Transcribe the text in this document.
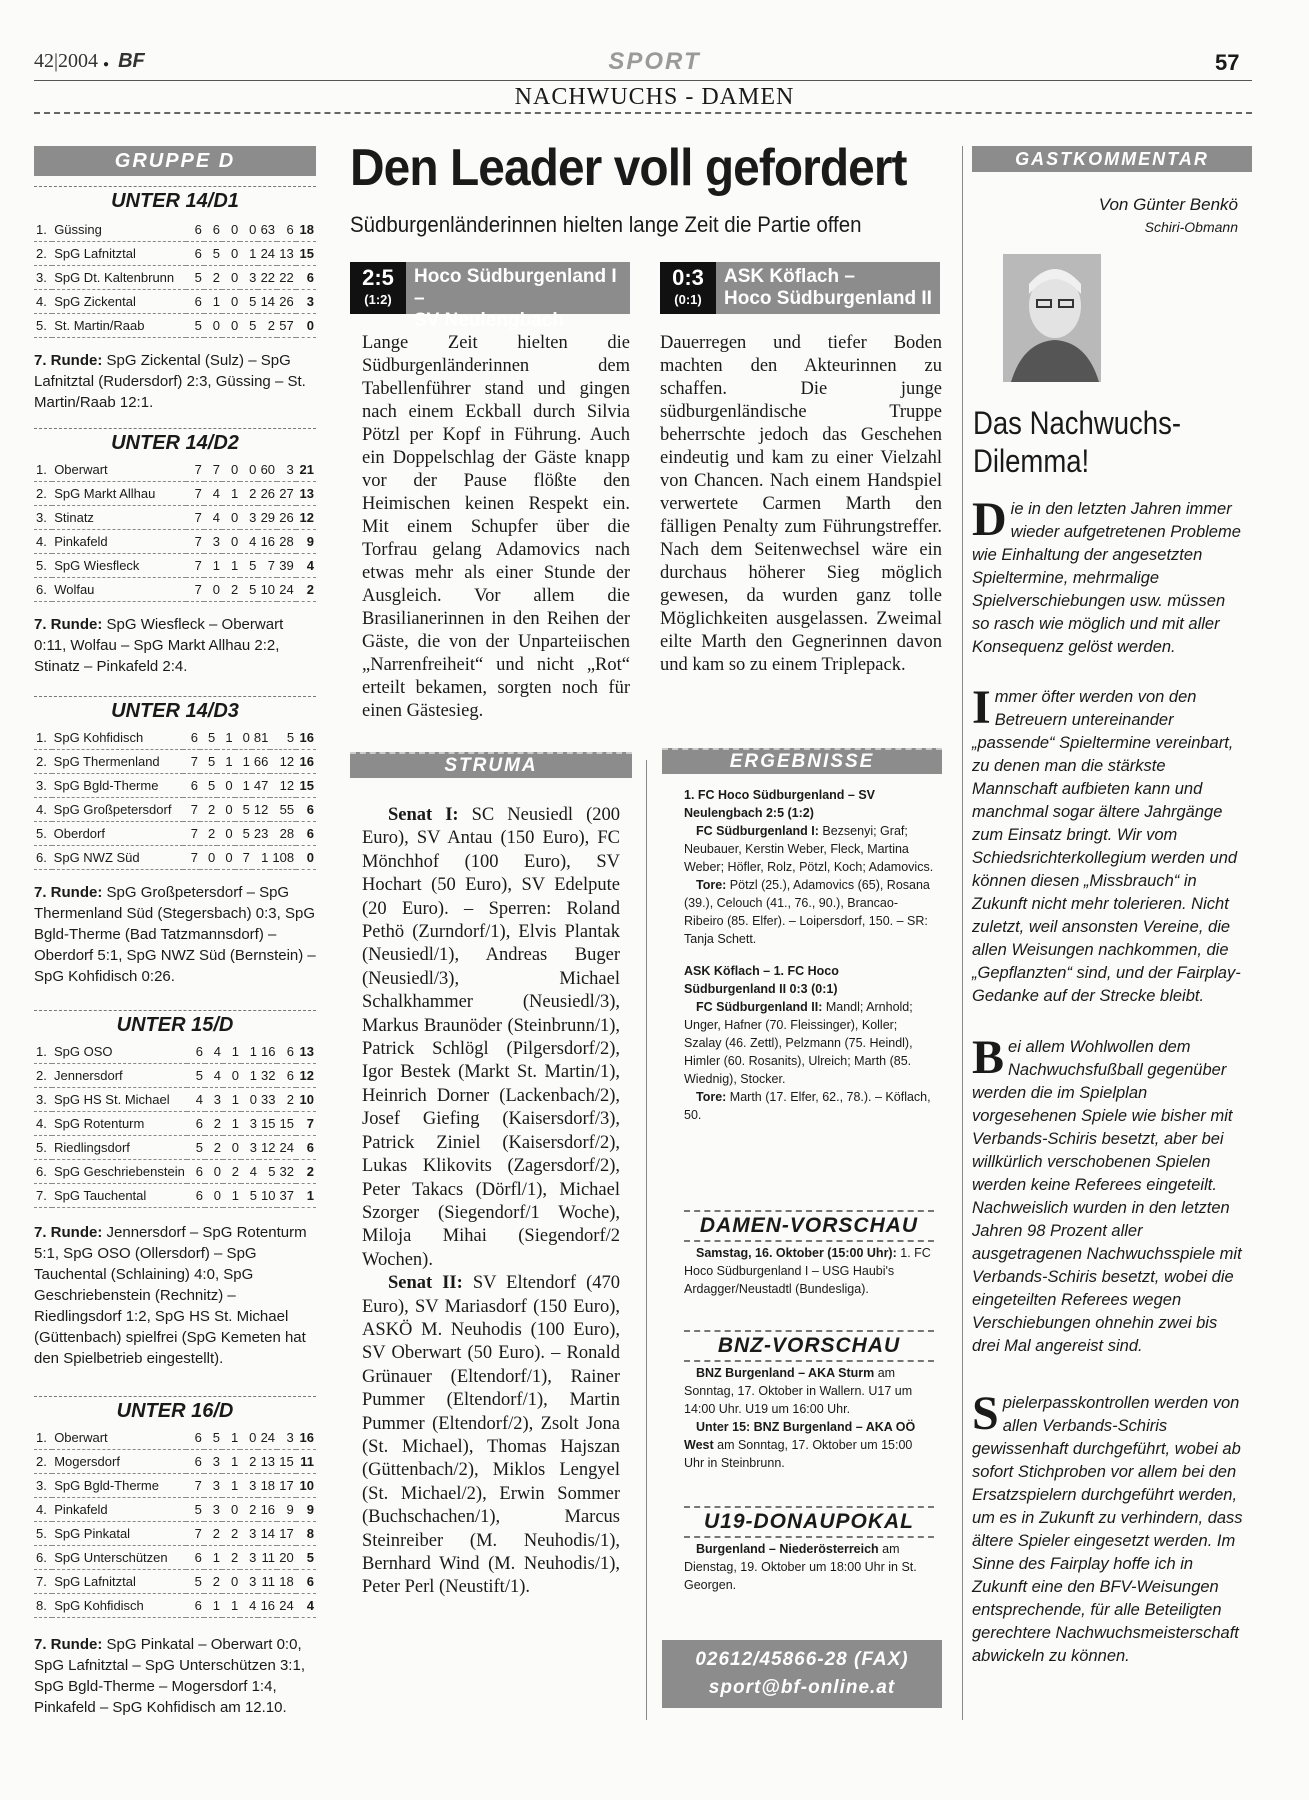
42|2004 ● BF	SPORT	57
NACHWUCHS - DAMEN
GRUPPE D
UNTER 14/D1
1.	Güssing	6	6	0	0	63	6	18
2.	SpG Lafnitztal	6	5	0	1	24	13	15
3.	SpG Dt. Kaltenbrunn	5	2	0	3	22	22	6
4.	SpG Zickental	6	1	0	5	14	26	3
5.	St. Martin/Raab	5	0	0	5	2	57	0
7. Runde: SpG Zickental (Sulz) – SpG Lafnitztal (Rudersdorf) 2:3, Güssing – St. Martin/Raab 12:1.
UNTER 14/D2
1.	Oberwart	7	7	0	0	60	3	21
2.	SpG Markt Allhau	7	4	1	2	26	27	13
3.	Stinatz	7	4	0	3	29	26	12
4.	Pinkafeld	7	3	0	4	16	28	9
5.	SpG Wiesfleck	7	1	1	5	7	39	4
6.	Wolfau	7	0	2	5	10	24	2
7. Runde: SpG Wiesfleck – Oberwart 0:11, Wolfau – SpG Markt Allhau 2:2, Stinatz – Pinkafeld 2:4.
UNTER 14/D3
1.	SpG Kohfidisch	6	5	1	0	81	5	16
2.	SpG Thermenland	7	5	1	1	66	12	16
3.	SpG Bgld-Therme	6	5	0	1	47	12	15
4.	SpG Großpetersdorf	7	2	0	5	12	55	6
5.	Oberdorf	7	2	0	5	23	28	6
6.	SpG NWZ Süd	7	0	0	7	1	108	0
7. Runde: SpG Großpetersdorf – SpG Thermenland Süd (Stegersbach) 0:3, SpG Bgld-Therme (Bad Tatzmannsdorf) – Oberdorf 5:1, SpG NWZ Süd (Bernstein) – SpG Kohfidisch 0:26.
UNTER 15/D
1.	SpG OSO	6	4	1	1	16	6	13
2.	Jennersdorf	5	4	0	1	32	6	12
3.	SpG HS St. Michael	4	3	1	0	33	2	10
4.	SpG Rotenturm	6	2	1	3	15	15	7
5.	Riedlingsdorf	5	2	0	3	12	24	6
6.	SpG Geschriebenstein	6	0	2	4	5	32	2
7.	SpG Tauchental	6	0	1	5	10	37	1
7. Runde: Jennersdorf – SpG Rotenturm 5:1, SpG OSO (Ollersdorf) – SpG Tauchental (Schlaining) 4:0, SpG Geschriebenstein (Rechnitz) – Riedlingsdorf 1:2, SpG HS St. Michael (Güttenbach) spielfrei (SpG Kemeten hat den Spielbetrieb eingestellt).
UNTER 16/D
1.	Oberwart	6	5	1	0	24	3	16
2.	Mogersdorf	6	3	1	2	13	15	11
3.	SpG Bgld-Therme	7	3	1	3	18	17	10
4.	Pinkafeld	5	3	0	2	16	9	9
5.	SpG Pinkatal	7	2	2	3	14	17	8
6.	SpG Unterschützen	6	1	2	3	11	20	5
7.	SpG Lafnitztal	5	2	0	3	11	18	6
8.	SpG Kohfidisch	6	1	1	4	16	24	4
7. Runde: SpG Pinkatal – Oberwart 0:0, SpG Lafnitztal – SpG Unterschützen 3:1, SpG Bgld-Therme – Mogersdorf 1:4, Pinkafeld – SpG Kohfidisch am 12.10.
Den Leader voll gefordert
Südburgenländerinnen hielten lange Zeit die Partie offen
2:5
(1:2)
Hoco Südburgenland I –
SV Neulengbach
0:3
(0:1)
ASK Köflach –
Hoco Südburgenland II
Lange Zeit hielten die Südburgenländerinnen dem Tabellenführer stand und gingen nach einem Eckball durch Silvia Pötzl per Kopf in Führung. Auch ein Doppelschlag der Gäste knapp vor der Pause flößte den Heimischen keinen Respekt ein. Mit einem Schupfer über die Torfrau gelang Adamovics nach etwas mehr als einer Stunde der Ausgleich. Vor allem die Brasilianerinnen in den Reihen der Gäste, die von der Unparteiischen „Narrenfreiheit“ und nicht „Rot“ erteilt bekamen, sorgten noch für einen Gästesieg.
Dauerregen und tiefer Boden machten den Akteurinnen zu schaffen. Die junge südburgenländische Truppe beherrschte jedoch das Geschehen eindeutig und kam zu einer Vielzahl von Chancen. Nach einem Handspiel verwertete Carmen Marth den fälligen Penalty zum Führungstreffer. Nach dem Seitenwechsel wäre ein durchaus höherer Sieg möglich gewesen, da wurden ganz tolle Möglichkeiten ausgelassen. Zweimal eilte Marth den Gegnerinnen davon und kam so zu einem Triplepack.
STRUMA
Senat I: SC Neusiedl (200 Euro), SV Antau (150 Euro), FC Mönchhof (100 Euro), SV Hochart (50 Euro), SV Edelpute (20 Euro). – Sperren: Roland Pethö (Zurndorf/1), Elvis Plantak (Neusiedl/1), Andreas Buger (Neusiedl/3), Michael Schalkhammer (Neusiedl/3), Markus Braunöder (Steinbrunn/1), Patrick Schlögl (Pilgersdorf/2), Igor Bestek (Markt St. Martin/1), Heinrich Dorner (Lackenbach/2), Josef Giefing (Kaisersdorf/3), Patrick Ziniel (Kaisersdorf/2), Lukas Klikovits (Zagersdorf/2), Peter Takacs (Dörfl/1), Michael Szorger (Siegendorf/1 Woche), Miloja Mihai (Siegendorf/2 Wochen).
Senat II: SV Eltendorf (470 Euro), SV Mariasdorf (150 Euro), ASKÖ M. Neuhodis (100 Euro), SV Oberwart (50 Euro). – Ronald Grünauer (Eltendorf/1), Rainer Pummer (Eltendorf/1), Martin Pummer (Eltendorf/2), Zsolt Jona (St. Michael), Thomas Hajszan (Güttenbach/2), Miklos Lengyel (St. Michael/2), Erwin Sommer (Buchschachen/1), Marcus Steinreiber (M. Neuhodis/1), Bernhard Wind (M. Neuhodis/1), Peter Perl (Neustift/1).
ERGEBNISSE
1. FC Hoco Südburgenland – SV Neulengbach 2:5 (1:2)
FC Südburgenland I: Bezsenyi; Graf; Neubauer, Kerstin Weber, Fleck, Martina Weber; Höfler, Rolz, Pötzl, Koch; Adamovics.
Tore: Pötzl (25.), Adamovics (65), Rosana (39.), Celouch (41., 76., 90.), Brancao-Ribeiro (85. Elfer). – Loipersdorf, 150. – SR: Tanja Schett.
ASK Köflach – 1. FC Hoco Südburgenland II 0:3 (0:1)
FC Südburgenland II: Mandl; Arnhold; Unger, Hafner (70. Fleissinger), Koller; Szalay (46. Zettl), Pelzmann (75. Heindl), Himler (60. Rosanits), Ulreich; Marth (85. Wiednig), Stocker.
Tore: Marth (17. Elfer, 62., 78.). – Köflach, 50.
DAMEN-VORSCHAU
Samstag, 16. Oktober (15:00 Uhr): 1. FC Hoco Südburgenland I – USG Haubi's Ardagger/Neustadtl (Bundesliga).
BNZ-VORSCHAU
BNZ Burgenland – AKA Sturm am Sonntag, 17. Oktober in Wallern. U17 um 14:00 Uhr. U19 um 16:00 Uhr.
Unter 15: BNZ Burgenland – AKA OÖ West am Sonntag, 17. Oktober um 15:00 Uhr in Steinbrunn.
U19-DONAUPOKAL
Burgenland – Niederösterreich am Dienstag, 19. Oktober um 18:00 Uhr in St. Georgen.
02612/45866-28 (FAX)
sport@bf-online.at
GASTKOMMENTAR
Von Günter Benkö
Schiri-Obmann
Das Nachwuchs-
Dilemma!
Die in den letzten Jahren immer wieder aufgetretenen Probleme wie Einhaltung der angesetzten Spieltermine, mehrmalige Spielverschiebungen usw. müssen so rasch wie möglich und mit aller Konsequenz gelöst werden.
Immer öfter werden von den Betreuern untereinander „passende“ Spieltermine vereinbart, zu denen man die stärkste Mannschaft aufbieten kann und manchmal sogar ältere Jahrgänge zum Einsatz bringt. Wir vom Schiedsrichterkollegium werden und können diesen „Missbrauch“ in Zukunft nicht mehr tolerieren. Nicht zuletzt, weil ansonsten Vereine, die allen Weisungen nachkommen, die „Gepflanzten“ sind, und der Fairplay-Gedanke auf der Strecke bleibt.
Bei allem Wohlwollen dem Nachwuchsfußball gegenüber werden die im Spielplan vorgesehenen Spiele wie bisher mit Verbands-Schiris besetzt, aber bei willkürlich verschobenen Spielen werden keine Referees eingeteilt. Nachweislich wurden in den letzten Jahren 98 Prozent aller ausgetragenen Nachwuchsspiele mit Verbands-Schiris besetzt, wobei die eingeteilten Referees wegen Verschiebungen ohnehin zwei bis drei Mal angereist sind.
Spielerpasskontrollen werden von allen Verbands-Schiris gewissenhaft durchgeführt, wobei ab sofort Stichproben vor allem bei den Ersatzspielern durchgeführt werden, um es in Zukunft zu verhindern, dass ältere Spieler eingesetzt werden. Im Sinne des Fairplay hoffe ich in Zukunft eine den BFV-Weisungen entsprechende, für alle Beteiligten gerechtere Nachwuchsmeisterschaft abwickeln zu können.
